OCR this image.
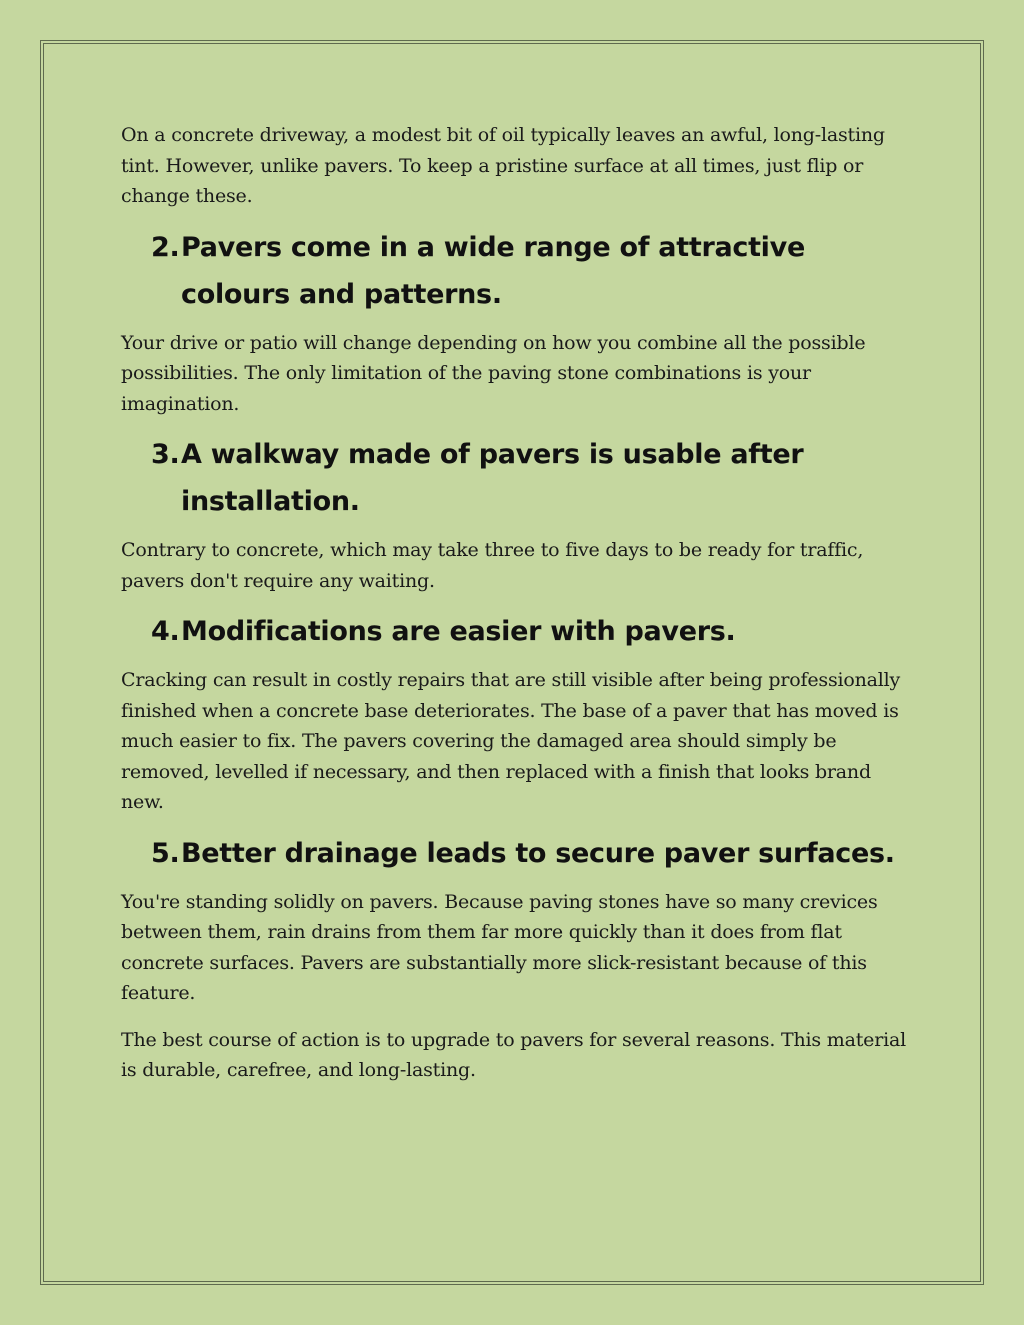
On a concrete driveway, a modest bit of oil typically leaves an awful, long-lasting tint. However, unlike pavers. To keep a pristine surface at all times, just flip or change these.

2. Pavers come in a wide range of attractive colours and patterns.

Your drive or patio will change depending on how you combine all the possible possibilities. The only limitation of the paving stone combinations is your imagination.

3. A walkway made of pavers is usable after installation.

Contrary to concrete, which may take three to five days to be ready for traffic, pavers don't require any waiting.

4. Modifications are easier with pavers.

Cracking can result in costly repairs that are still visible after being professionally finished when a concrete base deteriorates. The base of a paver that has moved is much easier to fix. The pavers covering the damaged area should simply be removed, levelled if necessary, and then replaced with a finish that looks brand new.

5. Better drainage leads to secure paver surfaces.

You're standing solidly on pavers. Because paving stones have so many crevices between them, rain drains from them far more quickly than it does from flat concrete surfaces. Pavers are substantially more slick-resistant because of this feature.

The best course of action is to upgrade to pavers for several reasons. This material is durable, carefree, and long-lasting.
